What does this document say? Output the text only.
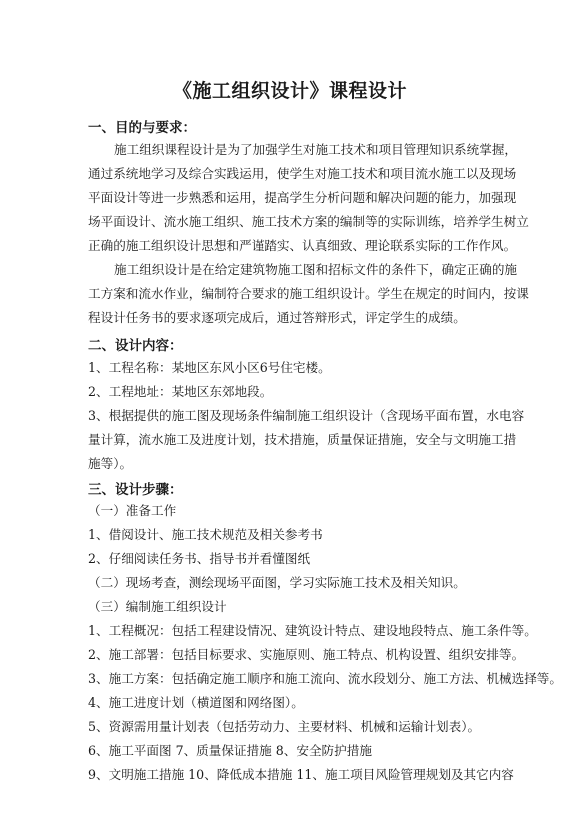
《施工组织设计》课程设计
一、目的与要求：
施工组织课程设计是为了加强学生对施工技术和项目管理知识系统掌握，
通过系统地学习及综合实践运用，使学生对施工技术和项目流水施工以及现场
平面设计等进一步熟悉和运用，提高学生分析问题和解决问题的能力，加强现
场平面设计、流水施工组织、施工技术方案的编制等的实际训练，培养学生树立
正确的施工组织设计思想和严谨踏实、认真细致、理论联系实际的工作作风。
施工组织设计是在给定建筑物施工图和招标文件的条件下，确定正确的施
工方案和流水作业，编制符合要求的施工组织设计。学生在规定的时间内，按课
程设计任务书的要求逐项完成后，通过答辩形式，评定学生的成绩。
二、设计内容：
1、工程名称：某地区东风小区6号住宅楼。
2、工程地址：某地区东郊地段。
3、根据提供的施工图及现场条件编制施工组织设计（含现场平面布置，水电容
量计算，流水施工及进度计划，技术措施，质量保证措施，安全与文明施工措
施等）。
三、设计步骤：
（一）准备工作
1、借阅设计、施工技术规范及相关参考书
2、仔细阅读任务书、指导书并看懂图纸
（二）现场考查，测绘现场平面图，学习实际施工技术及相关知识。
（三）编制施工组织设计
1、工程概况：包括工程建设情况、建筑设计特点、建设地段特点、施工条件等。
2、施工部署：包括目标要求、实施原则、施工特点、机构设置、组织安排等。
3、施工方案：包括确定施工顺序和施工流向、流水段划分、施工方法、机械选择等。
4、施工进度计划（横道图和网络图）。
5、资源需用量计划表（包括劳动力、主要材料、机械和运输计划表）。
6、施工平面图 7、质量保证措施 8、安全防护措施
9、文明施工措施 10、降低成本措施 11、施工项目风险管理规划及其它内容
